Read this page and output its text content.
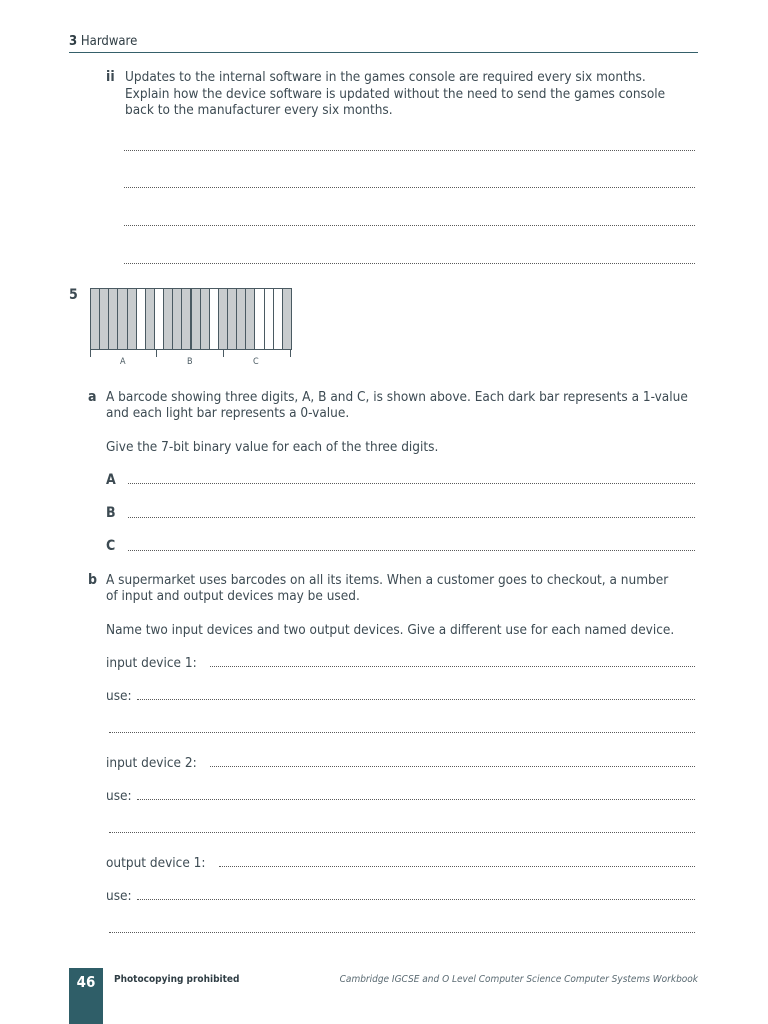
3 Hardware
ii Updates to the internal software in the games console are required every six months.
Explain how the device software is updated without the need to send the games console
back to the manufacturer every six months.
5
A	B	C
a A barcode showing three digits, A, B and C, is shown above. Each dark bar represents a 1-value
and each light bar represents a 0-value.
Give the 7-bit binary value for each of the three digits.
A
B
C
b A supermarket uses barcodes on all its items. When a customer goes to checkout, a number
of input and output devices may be used.
Name two input devices and two output devices. Give a different use for each named device.
input device 1:
use:
input device 2:
use:
output device 1:
use:
46	Photocopying prohibited	Cambridge IGCSE and O Level Computer Science Computer Systems Workbook
